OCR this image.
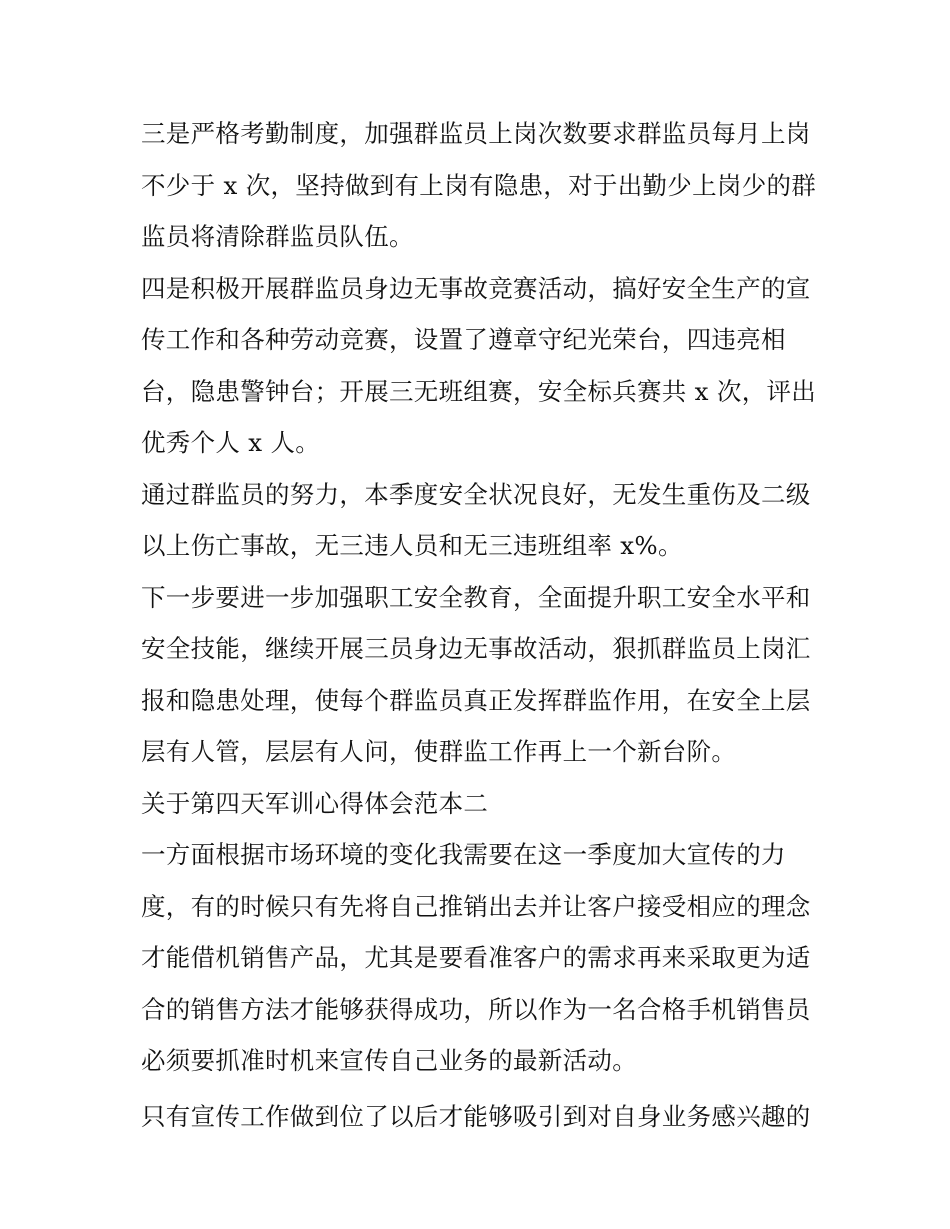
三是严格考勤制度，加强群监员上岗次数要求群监员每月上岗
不少于 x 次，坚持做到有上岗有隐患，对于出勤少上岗少的群
监员将清除群监员队伍。
四是积极开展群监员身边无事故竞赛活动，搞好安全生产的宣
传工作和各种劳动竞赛，设置了遵章守纪光荣台，四违亮相
台，隐患警钟台；开展三无班组赛，安全标兵赛共 x 次，评出
优秀个人 x 人。
通过群监员的努力，本季度安全状况良好，无发生重伤及二级
以上伤亡事故，无三违人员和无三违班组率 x%。
下一步要进一步加强职工安全教育，全面提升职工安全水平和
安全技能，继续开展三员身边无事故活动，狠抓群监员上岗汇
报和隐患处理，使每个群监员真正发挥群监作用，在安全上层
层有人管，层层有人问，使群监工作再上一个新台阶。
关于第四天军训心得体会范本二
一方面根据市场环境的变化我需要在这一季度加大宣传的力
度，有的时候只有先将自己推销出去并让客户接受相应的理念
才能借机销售产品，尤其是要看准客户的需求再来采取更为适
合的销售方法才能够获得成功，所以作为一名合格手机销售员
必须要抓准时机来宣传自己业务的最新活动。
只有宣传工作做到位了以后才能够吸引到对自身业务感兴趣的
